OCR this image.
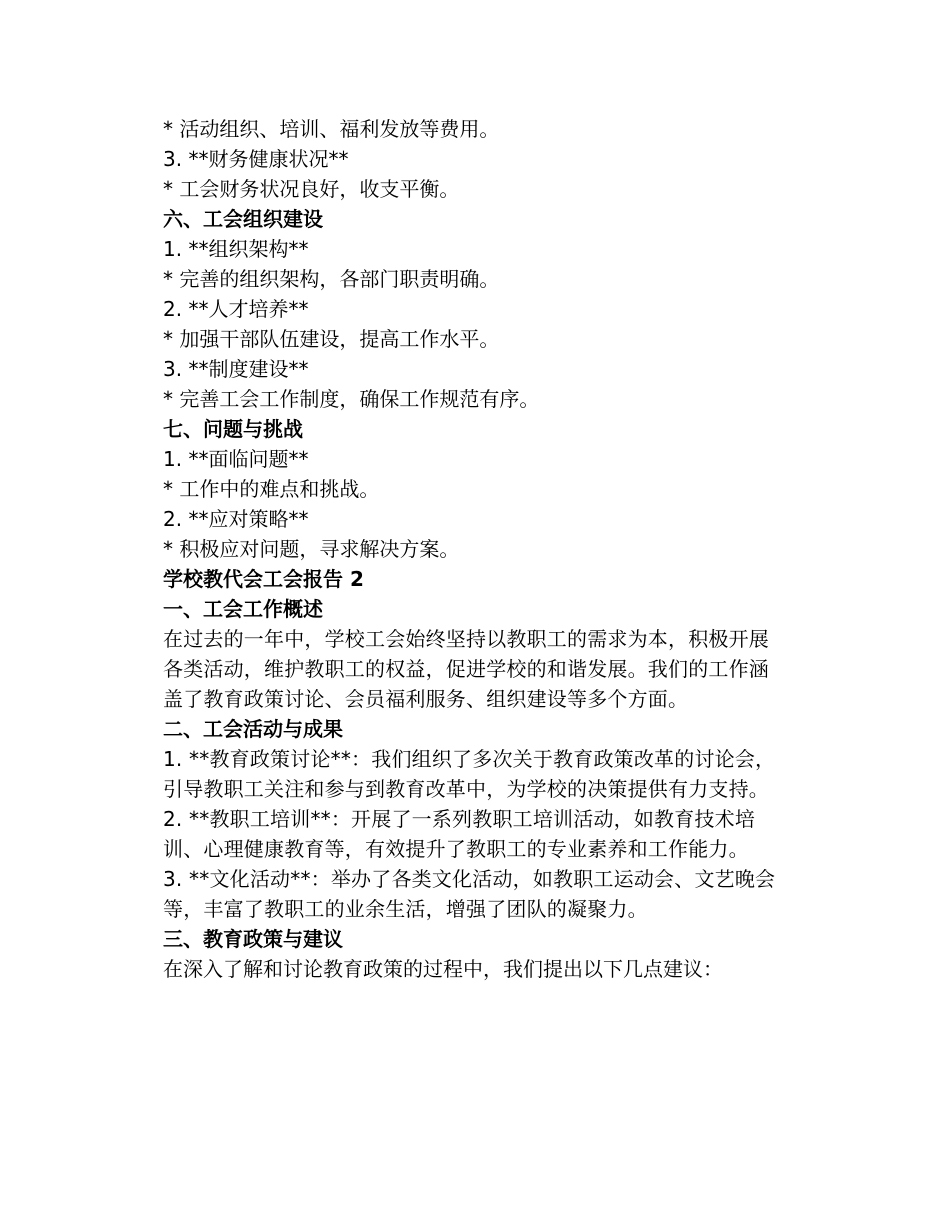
* 活动组织、培训、福利发放等费用。
3. **财务健康状况**
* 工会财务状况良好，收支平衡。
六、工会组织建设
1. **组织架构**
* 完善的组织架构，各部门职责明确。
2. **人才培养**
* 加强干部队伍建设，提高工作水平。
3. **制度建设**
* 完善工会工作制度，确保工作规范有序。
七、问题与挑战
1. **面临问题**
* 工作中的难点和挑战。
2. **应对策略**
* 积极应对问题，寻求解决方案。
学校教代会工会报告 2
一、工会工作概述

在过去的一年中，学校工会始终坚持以教职工的需求为本，积极开展各类活动，维护教职工的权益，促进学校的和谐发展。我们的工作涵盖了教育政策讨论、会员福利服务、组织建设等多个方面。

二、工会活动与成果

1. **教育政策讨论**：我们组织了多次关于教育政策改革的讨论会，引导教职工关注和参与到教育改革中，为学校的决策提供有力支持。

2. **教职工培训**：开展了一系列教职工培训活动，如教育技术培训、心理健康教育等，有效提升了教职工的专业素养和工作能力。

3. **文化活动**：举办了各类文化活动，如教职工运动会、文艺晚会等，丰富了教职工的业余生活，增强了团队的凝聚力。

三、教育政策与建议
在深入了解和讨论教育政策的过程中，我们提出以下几点建议：
